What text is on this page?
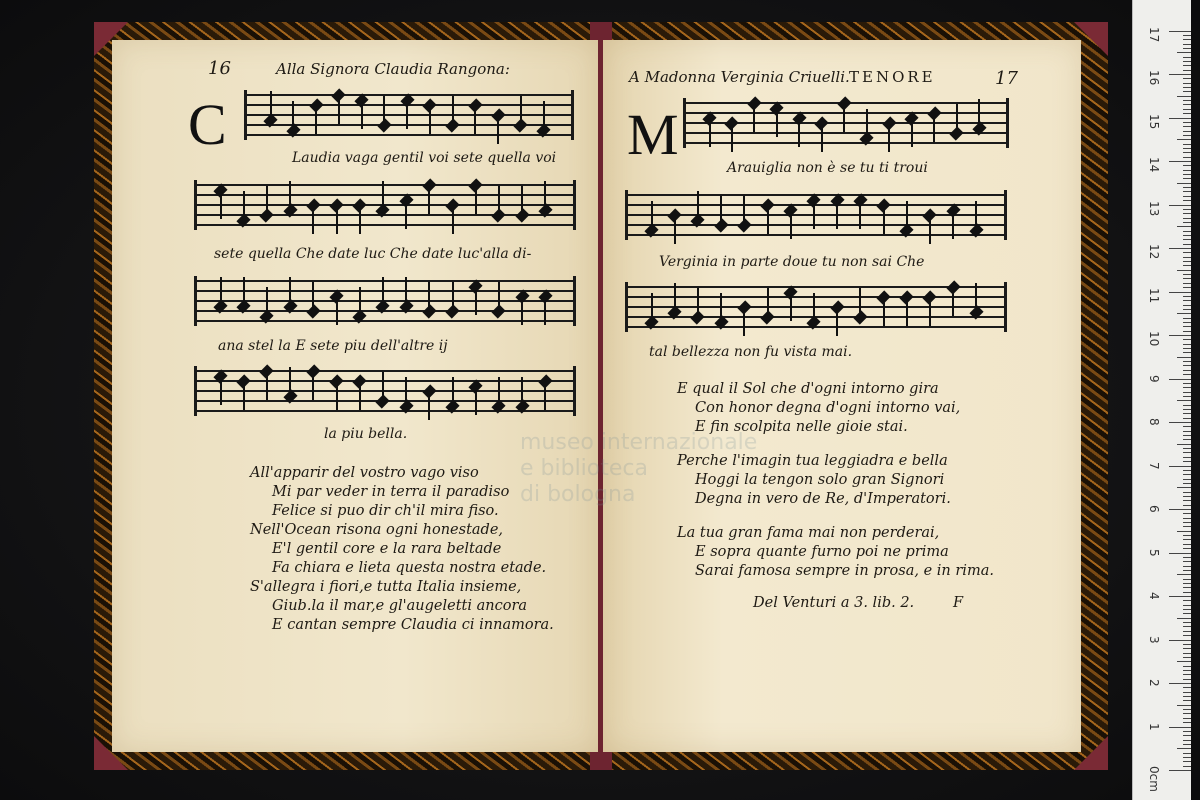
16	Alla Signora Claudia Rangona:
C
Laudia vaga gentil voi sete quella voi
sete quella Che date luc Che date luc'alla di-
ana stel la E sete piu dell'altre ij
la piu bella.
All'apparir del vostro vago viso
Mi par veder in terra il paradiso
Felice si puo dir ch'il mira fiso.
Nell'Ocean risona ogni honestade,
E'l gentil core e la rara beltade
Fa chiara e lieta questa nostra etade.
S'allegra i fiori,e tutta Italia insieme,
Giub.la il mar,e gl'augeletti ancora
E cantan sempre Claudia ci innamora.
A Madonna Verginia Criuelli. TENORE	17
M
Arauiglia non è se tu ti troui
Verginia in parte doue tu non sai Che
tal bellezza non fu vista mai.
E qual il Sol che d'ogni intorno gira
Con honor degna d'ogni intorno vai,
E fin scolpita nelle gioie stai.
Perche l'imagin tua leggiadra e bella
Hoggi la tengon solo gran Signori
Degna in vero de Re, d'Imperatori.
La tua gran fama mai non perderai,
E sopra quante furno poi ne prima
Sarai famosa sempre in prosa, e in rima.
Del Venturi a 3. lib. 2.	F
museo internazionale
e biblioteca
di bologna
0cm
1
2
3
4
5
6
7
8
9
10
11
12
13
14
15
16
17
